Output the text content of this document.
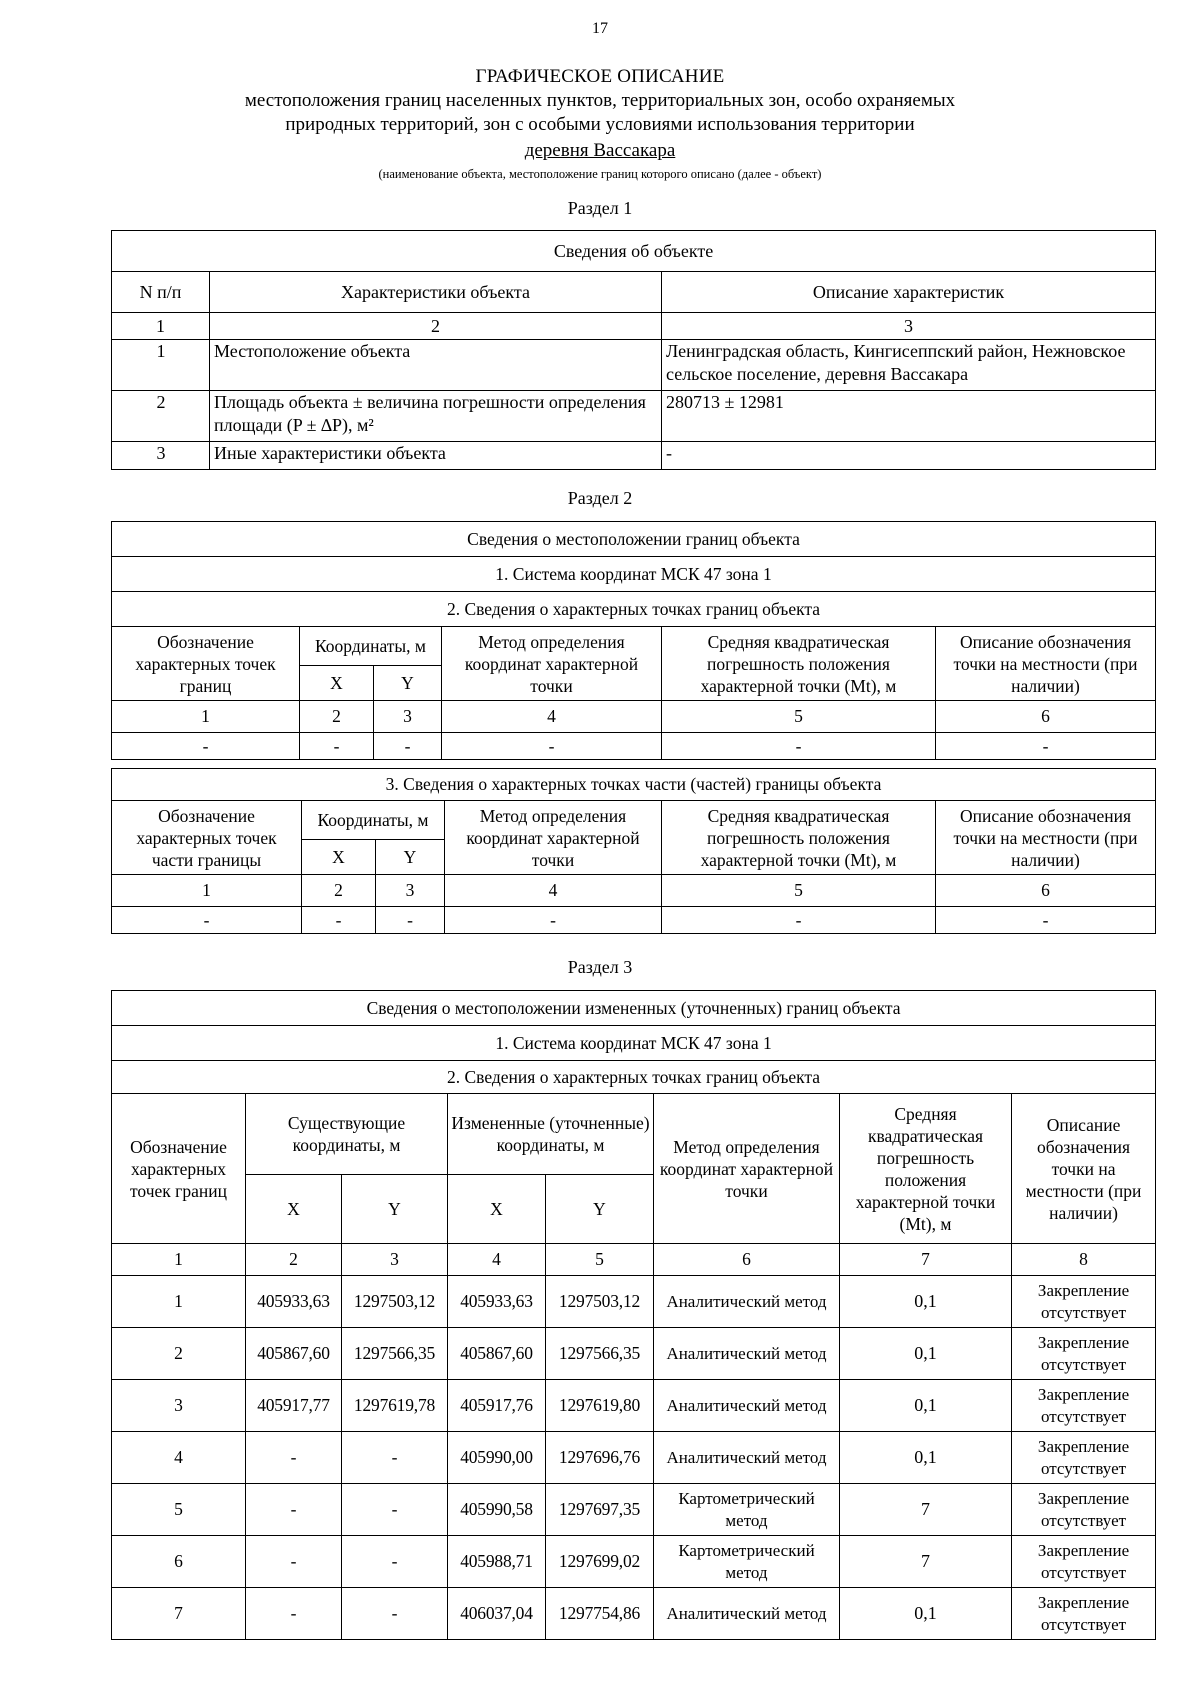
17
ГРАФИЧЕСКОЕ ОПИСАНИЕ
местоположения границ населенных пунктов, территориальных зон, особо охраняемых
природных территорий, зон с особыми условиями использования территории
деревня Вассакара
(наименование объекта, местоположение границ которого описано (далее - объект)
Раздел 1
Сведения об объекте		
N п/п	Характеристики объекта	Описание характеристик
1	2	3
1	Местоположение объекта	Ленинградская область, Кингисеппский район, Нежновское сельское поселение, деревня Вассакара
2	Площадь объекта ± величина погрешности определения площади (P ± ∆P), м²	280713 ± 12981
3	Иные характеристики объекта	-
Раздел 2
Сведения о местоположении границ объекта					
1. Система координат МСК 47 зона 1					
2. Сведения о характерных точках границ объекта					
Обозначение характерных точек границ	Координаты, м		Метод определения координат характерной точки	Средняя квадратическая погрешность положения характерной точки (Mt), м	Описание обозначения точки на местности (при наличии)
	X	Y			
1	2	3	4	5	6
-	-	-	-	-	-
3. Сведения о характерных точках части (частей) границы объекта					
Обозначение характерных точек части границы	Координаты, м		Метод определения координат характерной точки	Средняя квадратическая погрешность положения характерной точки (Mt), м	Описание обозначения точки на местности (при наличии)
	X	Y			
1	2	3	4	5	6
-	-	-	-	-	-
Раздел 3
Сведения о местоположении измененных (уточненных) границ объекта							
1. Система координат МСК 47 зона 1							
2. Сведения о характерных точках границ объекта							
Обозначение характерных точек границ	Существующие координаты, м		Измененные (уточненные) координаты, м		Метод определения координат характерной точки	Средняя квадратическая погрешность положения характерной точки (Mt), м	Описание обозначения точки на местности (при наличии)
	X	Y	X	Y			
1	2	3	4	5	6	7	8
1	405933,63	1297503,12	405933,63	1297503,12	Аналитический метод	0,1	Закрепление отсутствует
2	405867,60	1297566,35	405867,60	1297566,35	Аналитический метод	0,1	Закрепление отсутствует
3	405917,77	1297619,78	405917,76	1297619,80	Аналитический метод	0,1	Закрепление отсутствует
4	-	-	405990,00	1297696,76	Аналитический метод	0,1	Закрепление отсутствует
5	-	-	405990,58	1297697,35	Картометрический метод	7	Закрепление отсутствует
6	-	-	405988,71	1297699,02	Картометрический метод	7	Закрепление отсутствует
7	-	-	406037,04	1297754,86	Аналитический метод	0,1	Закрепление отсутствует
